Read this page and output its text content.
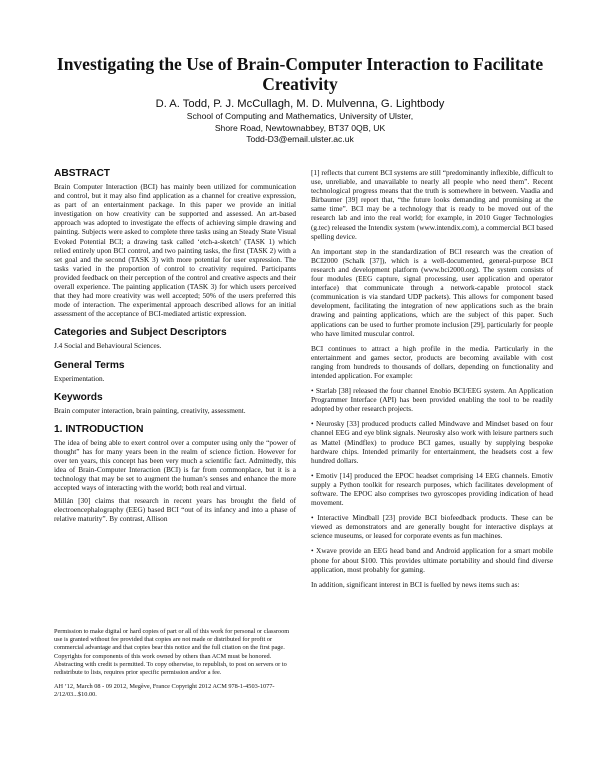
Investigating the Use of Brain-Computer Interaction to Facilitate Creativity
D. A. Todd, P. J. McCullagh, M. D. Mulvenna, G. Lightbody
School of Computing and Mathematics, University of Ulster,
Shore Road, Newtownabbey, BT37 0QB, UK
Todd-D3@email.ulster.ac.uk
ABSTRACT

Brain Computer Interaction (BCI) has mainly been utilized for communication and control, but it may also find application as a channel for creative expression, as part of an entertainment package. In this paper we provide an initial investigation on how creativity can be supported and assessed. An art-based approach was adopted to investigate the effects of achieving simple drawing and painting. Subjects were asked to complete three tasks using an Steady State Visual Evoked Potential BCI; a drawing task called ‘etch-a-sketch’ (TASK 1) which relied entirely upon BCI control, and two painting tasks, the first (TASK 2) with a set goal and the second (TASK 3) with more potential for user expression. The tasks varied in the proportion of control to creativity required. Participants provided feedback on their perception of the control and creative aspects and their overall experience. The painting application (TASK 3) for which users perceived that they had more creativity was well accepted; 50% of the users preferred this mode of interaction. The experimental approach described allows for an initial assessment of the acceptance of BCI-mediated artistic expression.

Categories and Subject Descriptors

J.4 Social and Behavioural Sciences.

General Terms

Experimentation.

Keywords

Brain computer interaction, brain painting, creativity, assessment.

1. INTRODUCTION

The idea of being able to exert control over a computer using only the “power of thought” has for many years been in the realm of science fiction. However for over ten years, this concept has been very much a scientific fact. Admittedly, this idea of Brain-Computer Interaction (BCI) is far from commonplace, but it is a technology that may be set to augment the human’s senses and enhance the more accepted ways of interacting with the world; both real and virtual.

Millán [30] claims that research in recent years has brought the field of electroencephalography (EEG) based BCI “out of its infancy and into a phase of relative maturity”. By contrast, Allison

Permission to make digital or hard copies of part or all of this work for personal or classroom use is granted without fee provided that copies are not made or distributed for profit or commercial advantage and that copies bear this notice and the full citation on the first page. Copyrights for components of this work owned by others than ACM must be honored. Abstracting with credit is permitted. To copy otherwise, to republish, to post on servers or to redistribute to lists, requires prior specific permission and/or a fee.

AH ’12, March 08 - 09 2012, Megève, France Copyright 2012 ACM 978-1-4503-1077-2/12/03...$10.00.

[1] reflects that current BCI systems are still “predominantly inflexible, difficult to use, unreliable, and unavailable to nearly all people who need them”. Recent technological progress means that the truth is somewhere in between. Vaadia and Birbaumer [39] report that, “the future looks demanding and promising at the same time”. BCI may be a technology that is ready to be moved out of the research lab and into the real world; for example, in 2010 Guger Technologies (g.tec) released the Intendix system (www.intendix.com), a commercial BCI based spelling device.

An important step in the standardization of BCI research was the creation of BCI2000 (Schalk [37]), which is a well-documented, general-purpose BCI research and development platform (www.bci2000.org). The system consists of four modules (EEG capture, signal processing, user application and operator interface) that communicate through a network-capable protocol stack (communication is via standard UDP packets). This allows for component based development, facilitating the integration of new applications such as the brain drawing and painting applications, which are the subject of this paper. Such applications can be used to further promote inclusion [29], particularly for people who have limited muscular control.

BCI continues to attract a high profile in the media. Particularly in the entertainment and games sector, products are becoming available with cost ranging from hundreds to thousands of dollars, depending on functionality and intended application. For example:

• Starlab [38] released the four channel Enobio BCI/EEG system. An Application Programmer Interface (API) has been provided enabling the tool to be readily adopted by other research projects.

• Neurosky [33] produced products called Mindwave and Mindset based on four channel EEG and eye blink signals. Neurosky also work with leisure partners such as Mattel (Mindflex) to produce BCI games, usually by supplying bespoke hardware chips. Intended primarily for entertainment, the headsets cost a few hundred dollars.

• Emotiv [14] produced the EPOC headset comprising 14 EEG channels. Emotiv supply a Python toolkit for research purposes, which facilitates development of software. The EPOC also comprises two gyroscopes providing indication of head movement.

• Interactive Mindball [23] provide BCI biofeedback products. These can be viewed as demonstrators and are generally bought for interactive displays at science museums, or leased for corporate events as fun machines.

• Xwave provide an EEG head band and Android application for a smart mobile phone for about $100. This provides ultimate portability and should find diverse application, most probably for gaming.

In addition, significant interest in BCI is fuelled by news items such as:
